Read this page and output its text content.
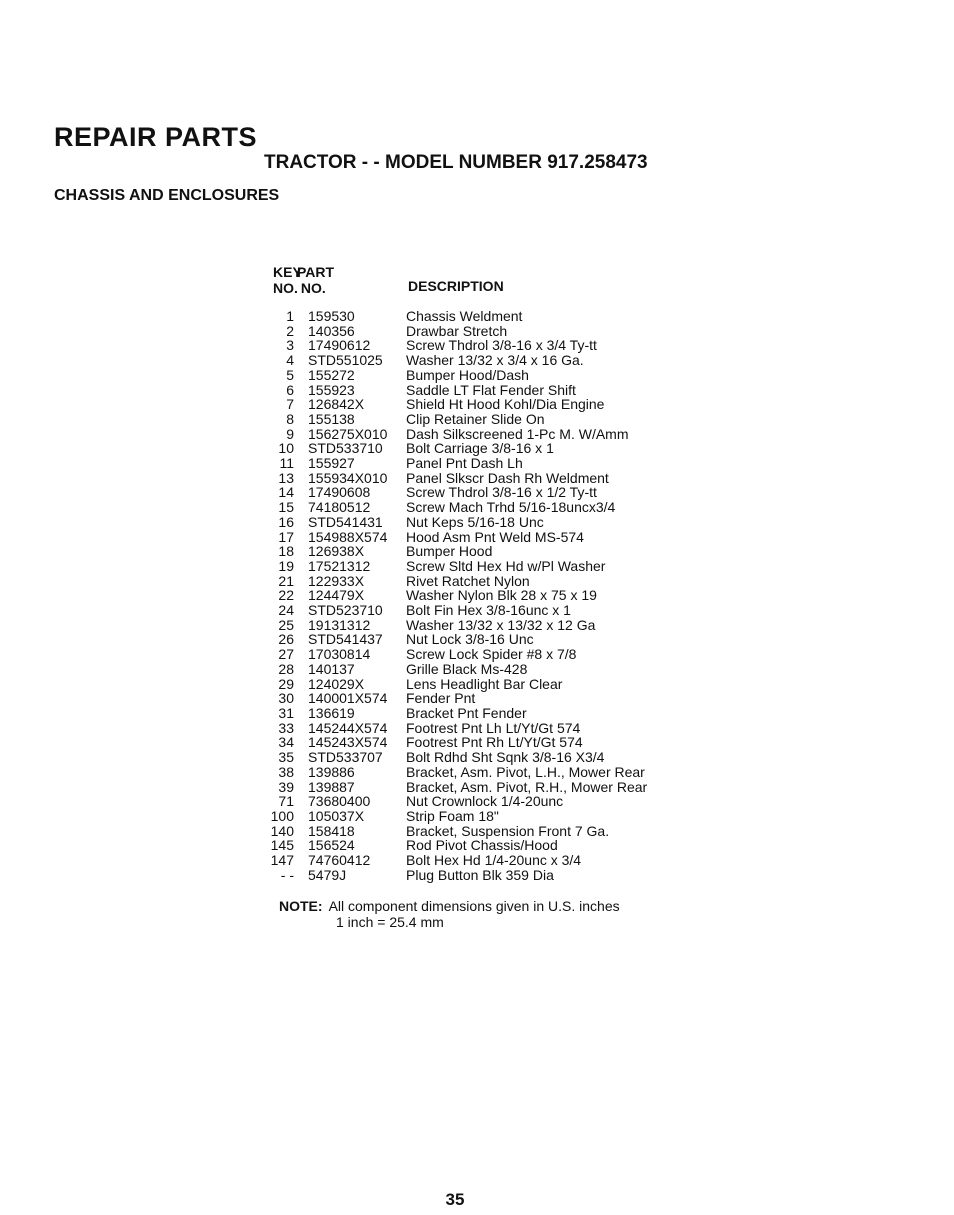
REPAIR PARTS
TRACTOR - - MODEL NUMBER 917.258473
CHASSIS AND ENCLOSURES
KEY
NO.
PART
NO.	DESCRIPTION
1	159530	Chassis Weldment
2	140356	Drawbar Stretch
3	17490612	Screw Thdrol 3/8-16 x 3/4 Ty-tt
4	STD551025	Washer 13/32 x 3/4 x 16 Ga.
5	155272	Bumper Hood/Dash
6	155923	Saddle LT Flat Fender Shift
7	126842X	Shield Ht Hood Kohl/Dia Engine
8	155138	Clip Retainer Slide On
9	156275X010	Dash Silkscreened 1-Pc M. W/Amm
10	STD533710	Bolt Carriage 3/8-16 x 1
11	155927	Panel Pnt Dash Lh
13	155934X010	Panel Slkscr Dash Rh Weldment
14	17490608	Screw Thdrol 3/8-16 x 1/2 Ty-tt
15	74180512	Screw Mach Trhd 5/16-18uncx3/4
16	STD541431	Nut Keps 5/16-18 Unc
17	154988X574	Hood Asm Pnt Weld MS-574
18	126938X	Bumper Hood
19	17521312	Screw Sltd Hex Hd w/Pl Washer
21	122933X	Rivet Ratchet Nylon
22	124479X	Washer Nylon Blk 28 x 75 x 19
24	STD523710	Bolt Fin Hex 3/8-16unc x 1
25	19131312	Washer 13/32 x 13/32 x 12 Ga
26	STD541437	Nut Lock 3/8-16 Unc
27	17030814	Screw Lock Spider #8 x 7/8
28	140137	Grille Black Ms-428
29	124029X	Lens Headlight Bar Clear
30	140001X574	Fender Pnt
31	136619	Bracket Pnt Fender
33	145244X574	Footrest Pnt Lh Lt/Yt/Gt 574
34	145243X574	Footrest Pnt Rh Lt/Yt/Gt 574
35	STD533707	Bolt Rdhd Sht Sqnk 3/8-16 X3/4
38	139886	Bracket, Asm. Pivot, L.H., Mower Rear
39	139887	Bracket, Asm. Pivot, R.H., Mower Rear
71	73680400	Nut Crownlock 1/4-20unc
100	105037X	Strip Foam 18"
140	158418	Bracket, Suspension Front 7 Ga.
145	156524	Rod Pivot Chassis/Hood
147	74760412	Bolt Hex Hd 1/4-20unc x 3/4
- -	5479J	Plug Button Blk 359 Dia
NOTE: All component dimensions given in U.S. inches
1 inch = 25.4 mm
35
